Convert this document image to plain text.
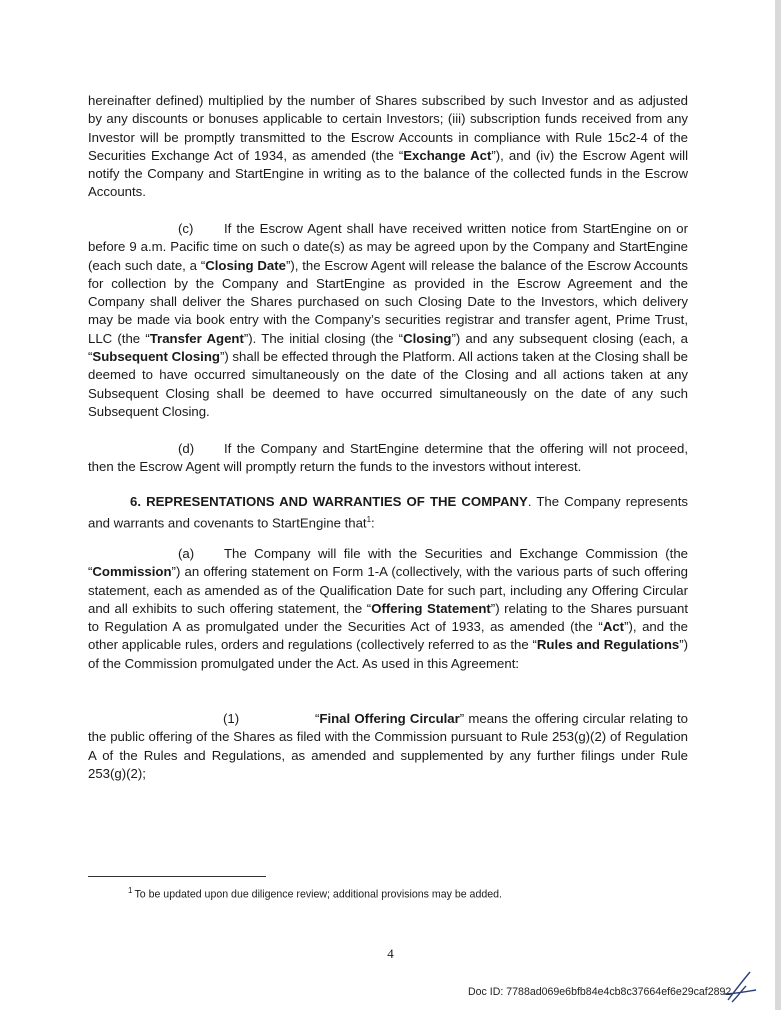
hereinafter defined) multiplied by the number of Shares subscribed by such Investor and as adjusted by any discounts or bonuses applicable to certain Investors; (iii) subscription funds received from any Investor will be promptly transmitted to the Escrow Accounts in compliance with Rule 15c2-4 of the Securities Exchange Act of 1934, as amended (the “Exchange Act”), and (iv) the Escrow Agent will notify the Company and StartEngine in writing as to the balance of the collected funds in the Escrow Accounts.

(c) If the Escrow Agent shall have received written notice from StartEngine on or before 9 a.m. Pacific time on such o date(s) as may be agreed upon by the Company and StartEngine (each such date, a “Closing Date”), the Escrow Agent will release the balance of the Escrow Accounts for collection by the Company and StartEngine as provided in the Escrow Agreement and the Company shall deliver the Shares purchased on such Closing Date to the Investors, which delivery may be made via book entry with the Company’s securities registrar and transfer agent, Prime Trust, LLC (the “Transfer Agent”). The initial closing (the “Closing”) and any subsequent closing (each, a “Subsequent Closing”) shall be effected through the Platform. All actions taken at the Closing shall be deemed to have occurred simultaneously on the date of the Closing and all actions taken at any Subsequent Closing shall be deemed to have occurred simultaneously on the date of any such Subsequent Closing.

(d) If the Company and StartEngine determine that the offering will not proceed, then the Escrow Agent will promptly return the funds to the investors without interest.

6. REPRESENTATIONS AND WARRANTIES OF THE COMPANY. The Company represents and warrants and covenants to StartEngine that$^1$:

(a) The Company will file with the Securities and Exchange Commission (the “Commission”) an offering statement on Form 1-A (collectively, with the various parts of such offering statement, each as amended as of the Qualification Date for such part, including any Offering Circular and all exhibits to such offering statement, the “Offering Statement”) relating to the Shares pursuant to Regulation A as promulgated under the Securities Act of 1933, as amended (the “Act”), and the other applicable rules, orders and regulations (collectively referred to as the “Rules and Regulations”) of the Commission promulgated under the Act. As used in this Agreement:

(1)	“Final Offering Circular” means the offering circular relating to the public offering of the Shares as filed with the Commission pursuant to Rule 253(g)(2) of Regulation A of the Rules and Regulations, as amended and supplemented by any further filings under Rule 253(g)(2);

$^1$ To be updated upon due diligence review; additional provisions may be added.
4
Doc ID: 7788ad069e6bfb84e4cb8c37664ef6e29caf2892
